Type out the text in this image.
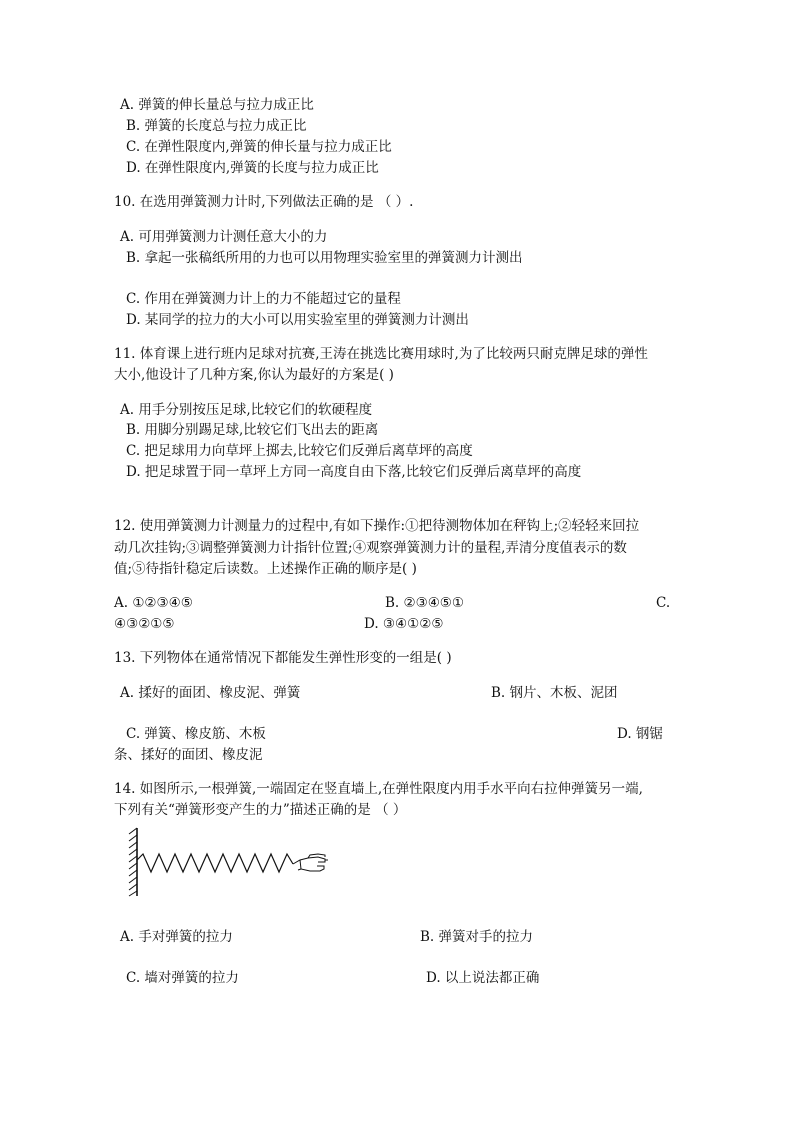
A. 弹簧的伸长量总与拉力成正比
B. 弹簧的长度总与拉力成正比
C. 在弹性限度内,弹簧的伸长量与拉力成正比
D. 在弹性限度内,弹簧的长度与拉力成正比
10. 在选用弹簧测力计时,下列做法正确的是 （ ）.
A. 可用弹簧测力计测任意大小的力
B. 拿起一张稿纸所用的力也可以用物理实验室里的弹簧测力计测出
C. 作用在弹簧测力计上的力不能超过它的量程
D. 某同学的拉力的大小可以用实验室里的弹簧测力计测出
11. 体育课上进行班内足球对抗赛,王涛在挑选比赛用球时,为了比较两只耐克牌足球的弹性
大小,他设计了几种方案,你认为最好的方案是( )
A. 用手分别按压足球,比较它们的软硬程度
B. 用脚分别踢足球,比较它们飞出去的距离
C. 把足球用力向草坪上掷去,比较它们反弹后离草坪的高度
D. 把足球置于同一草坪上方同一高度自由下落,比较它们反弹后离草坪的高度
12. 使用弹簧测力计测量力的过程中,有如下操作:①把待测物体加在秤钩上;②轻轻来回拉
动几次挂钩;③调整弹簧测力计指针位置;④观察弹簧测力计的量程,弄清分度值表示的数
值;⑤待指针稳定后读数。上述操作正确的顺序是( )
A. ①②③④⑤	B. ②③④⑤①	C.
④③②①⑤	D. ③④①②⑤
13. 下列物体在通常情况下都能发生弹性形变的一组是( )
A. 揉好的面团、橡皮泥、弹簧	B. 钢片、木板、泥团
C. 弹簧、橡皮筋、木板	D. 钢锯
条、揉好的面团、橡皮泥
14. 如图所示,一根弹簧,一端固定在竖直墙上,在弹性限度内用手水平向右拉伸弹簧另一端,
下列有关“弹簧形变产生的力”描述正确的是 （ ）
A. 手对弹簧的拉力	B. 弹簧对手的拉力
C. 墙对弹簧的拉力	D. 以上说法都正确
